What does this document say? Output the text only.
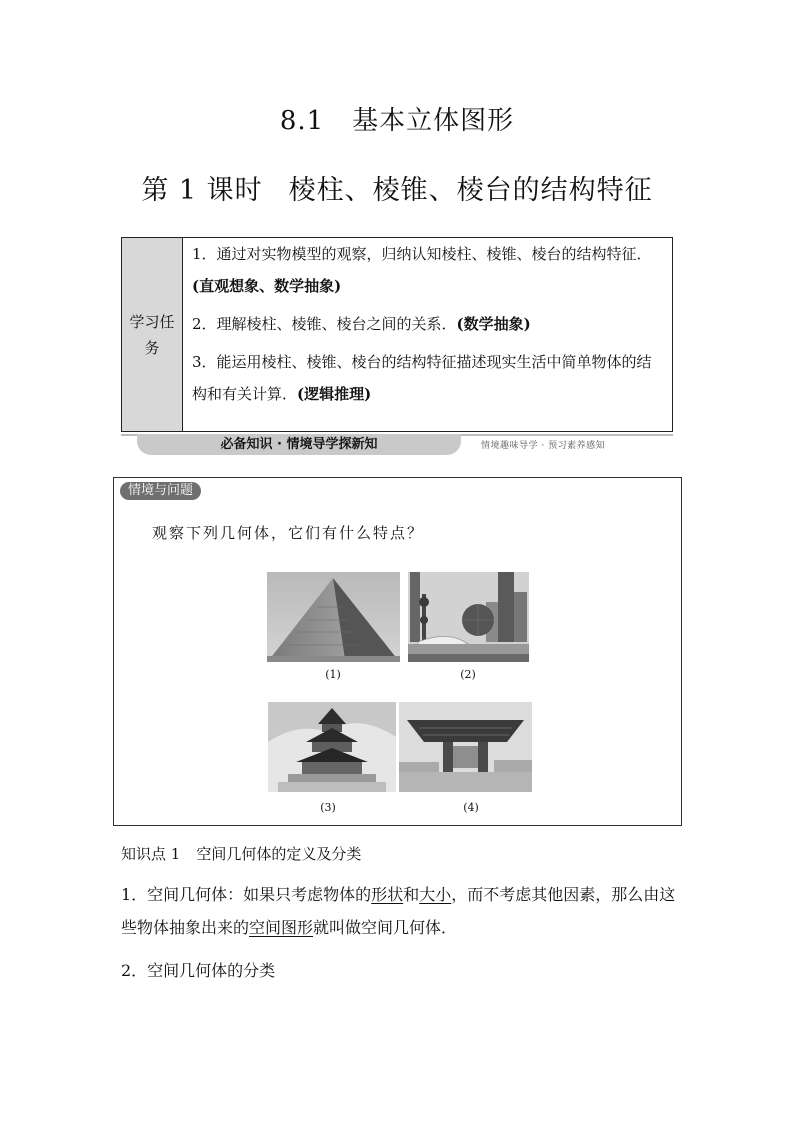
8.1 基本立体图形
第 1 课时 棱柱、棱锥、棱台的结构特征
学习任务

1．通过对实物模型的观察，归纳认知棱柱、棱锥、棱台的结构特征．(直观想象、数学抽象)

2．理解棱柱、棱锥、棱台之间的关系．(数学抽象)

3．能运用棱柱、棱锥、棱台的结构特征描述现实生活中简单物体的结构和有关计算．(逻辑推理)

必备知识 · 情境导学探新知	情境趣味导学 · 预习素养感知
情境与问题
观察下列几何体，它们有什么特点？
(1)	(2)
(3)	(4)
知识点 1 空间几何体的定义及分类
1．空间几何体：如果只考虑物体的形状和大小，而不考虑其他因素，那么由这些物体抽象出来的空间图形就叫做空间几何体．
2．空间几何体的分类
